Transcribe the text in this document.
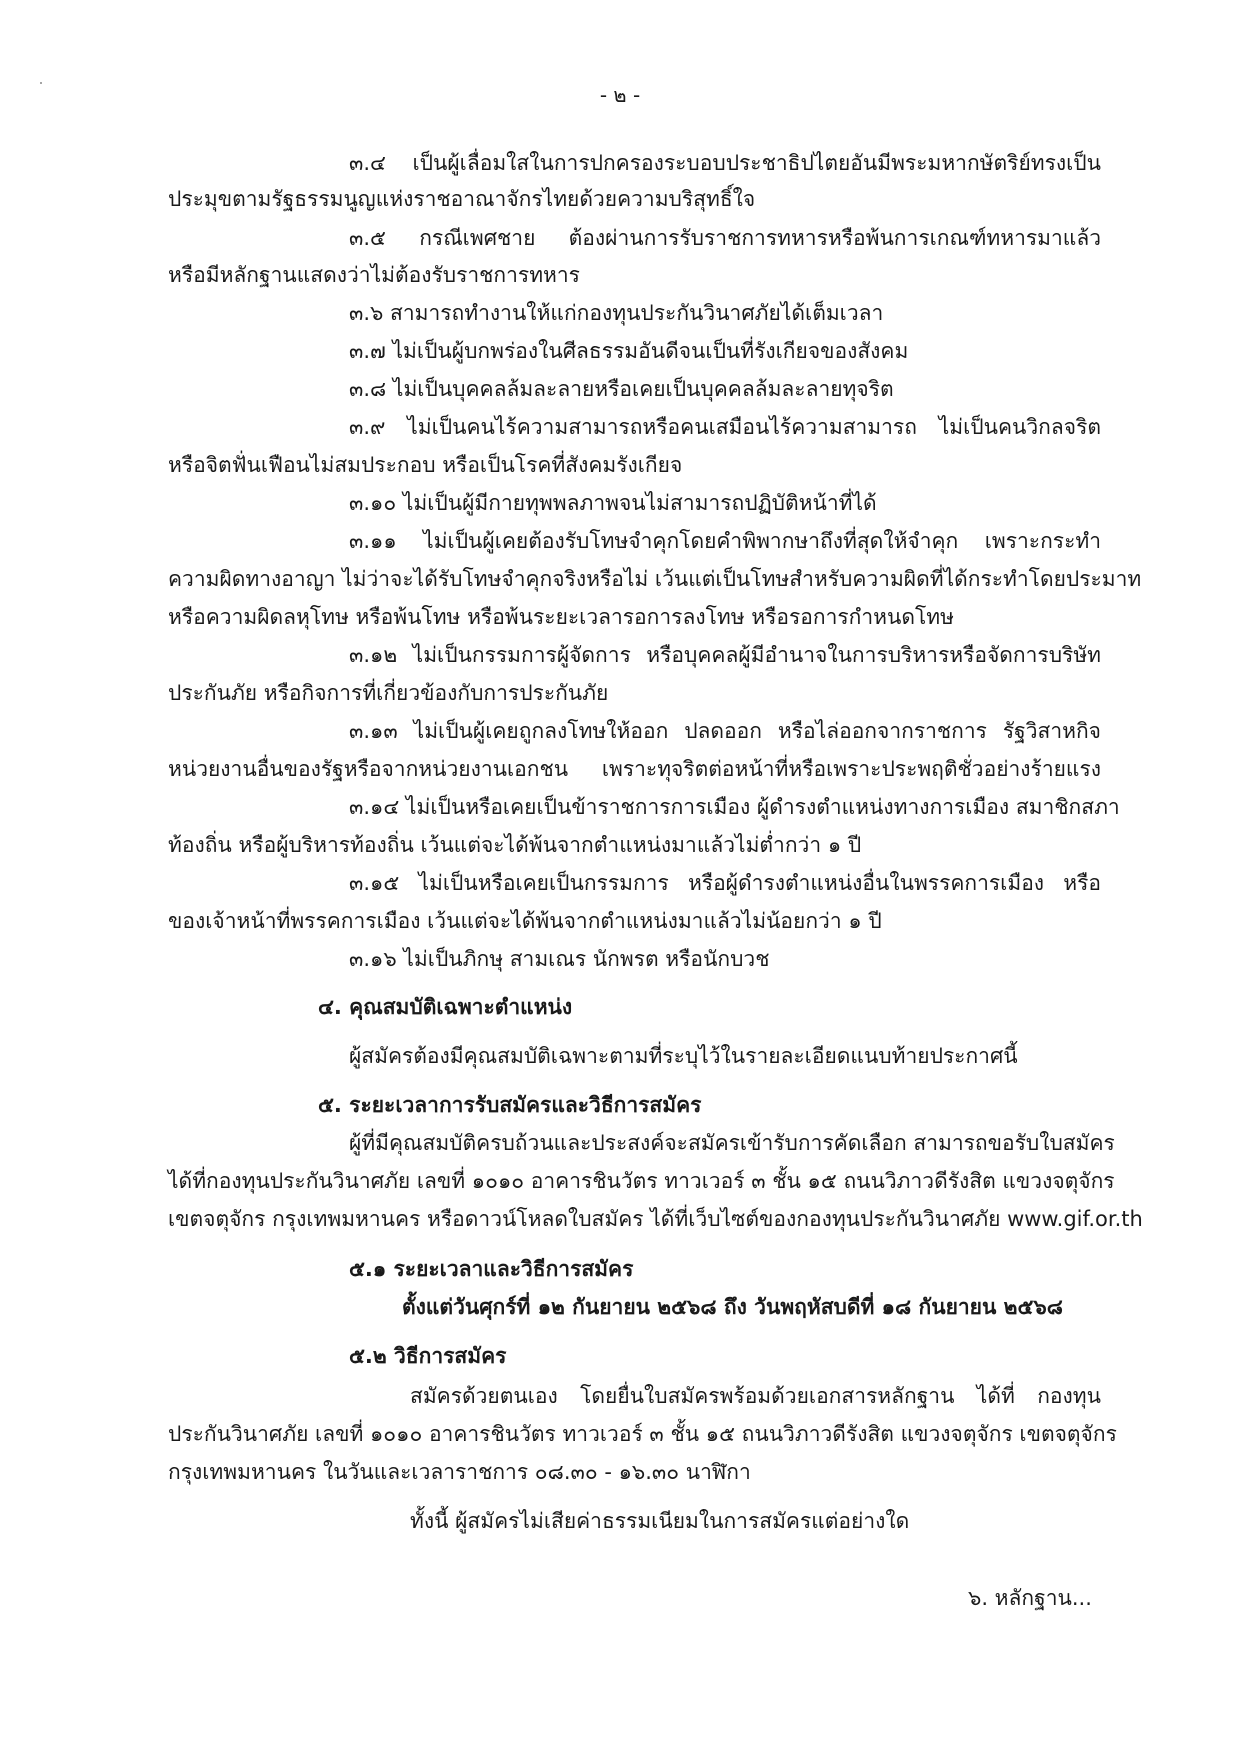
- ๒ -
๓.๔ เป็นผู้เลื่อมใสในการปกครองระบอบประชาธิปไตยอันมีพระมหากษัตริย์ทรงเป็น
ประมุขตามรัฐธรรมนูญแห่งราชอาณาจักรไทยด้วยความบริสุทธิ์ใจ
๓.๕ กรณีเพศชาย ต้องผ่านการรับราชการทหารหรือพ้นการเกณฑ์ทหารมาแล้ว
หรือมีหลักฐานแสดงว่าไม่ต้องรับราชการทหาร
๓.๖ สามารถทำงานให้แก่กองทุนประกันวินาศภัยได้เต็มเวลา
๓.๗ ไม่เป็นผู้บกพร่องในศีลธรรมอันดีจนเป็นที่รังเกียจของสังคม
๓.๘ ไม่เป็นบุคคลล้มละลายหรือเคยเป็นบุคคลล้มละลายทุจริต
๓.๙ ไม่เป็นคนไร้ความสามารถหรือคนเสมือนไร้ความสามารถ ไม่เป็นคนวิกลจริต
หรือจิตฟั่นเฟือนไม่สมประกอบ หรือเป็นโรคที่สังคมรังเกียจ
๓.๑๐ ไม่เป็นผู้มีกายทุพพลภาพจนไม่สามารถปฏิบัติหน้าที่ได้
๓.๑๑ ไม่เป็นผู้เคยต้องรับโทษจำคุกโดยคำพิพากษาถึงที่สุดให้จำคุก เพราะกระทำ
ความผิดทางอาญา ไม่ว่าจะได้รับโทษจำคุกจริงหรือไม่ เว้นแต่เป็นโทษสำหรับความผิดที่ได้กระทำโดยประมาท
หรือความผิดลหุโทษ หรือพ้นโทษ หรือพ้นระยะเวลารอการลงโทษ หรือรอการกำหนดโทษ
๓.๑๒ ไม่เป็นกรรมการผู้จัดการ หรือบุคคลผู้มีอำนาจในการบริหารหรือจัดการบริษัท
ประกันภัย หรือกิจการที่เกี่ยวข้องกับการประกันภัย
๓.๑๓ ไม่เป็นผู้เคยถูกลงโทษให้ออก ปลดออก หรือไล่ออกจากราชการ รัฐวิสาหกิจ
หน่วยงานอื่นของรัฐหรือจากหน่วยงานเอกชน เพราะทุจริตต่อหน้าที่หรือเพราะประพฤติชั่วอย่างร้ายแรง
๓.๑๔ ไม่เป็นหรือเคยเป็นข้าราชการการเมือง ผู้ดำรงตำแหน่งทางการเมือง สมาชิกสภา
ท้องถิ่น หรือผู้บริหารท้องถิ่น เว้นแต่จะได้พ้นจากตำแหน่งมาแล้วไม่ต่ำกว่า ๑ ปี
๓.๑๕ ไม่เป็นหรือเคยเป็นกรรมการ หรือผู้ดำรงตำแหน่งอื่นในพรรคการเมือง หรือ
ของเจ้าหน้าที่พรรคการเมือง เว้นแต่จะได้พ้นจากตำแหน่งมาแล้วไม่น้อยกว่า ๑ ปี
๓.๑๖ ไม่เป็นภิกษุ สามเณร นักพรต หรือนักบวช
๔. คุณสมบัติเฉพาะตำแหน่ง
ผู้สมัครต้องมีคุณสมบัติเฉพาะตามที่ระบุไว้ในรายละเอียดแนบท้ายประกาศนี้
๕. ระยะเวลาการรับสมัครและวิธีการสมัคร
ผู้ที่มีคุณสมบัติครบถ้วนและประสงค์จะสมัครเข้ารับการคัดเลือก สามารถขอรับใบสมัคร
ได้ที่กองทุนประกันวินาศภัย เลขที่ ๑๐๑๐ อาคารชินวัตร ทาวเวอร์ ๓ ชั้น ๑๕ ถนนวิภาวดีรังสิต แขวงจตุจักร
เขตจตุจักร กรุงเทพมหานคร หรือดาวน์โหลดใบสมัคร ได้ที่เว็บไซต์ของกองทุนประกันวินาศภัย www.gif.or.th
๕.๑ ระยะเวลาและวิธีการสมัคร
ตั้งแต่วันศุกร์ที่ ๑๒ กันยายน ๒๕๖๘ ถึง วันพฤหัสบดีที่ ๑๘ กันยายน ๒๕๖๘
๕.๒ วิธีการสมัคร
สมัครด้วยตนเอง โดยยื่นใบสมัครพร้อมด้วยเอกสารหลักฐาน ได้ที่ กองทุน
ประกันวินาศภัย เลขที่ ๑๐๑๐ อาคารชินวัตร ทาวเวอร์ ๓ ชั้น ๑๕ ถนนวิภาวดีรังสิต แขวงจตุจักร เขตจตุจักร
กรุงเทพมหานคร ในวันและเวลาราชการ ๐๘.๓๐ - ๑๖.๓๐ นาฬิกา
ทั้งนี้ ผู้สมัครไม่เสียค่าธรรมเนียมในการสมัครแต่อย่างใด
๖. หลักฐาน...
